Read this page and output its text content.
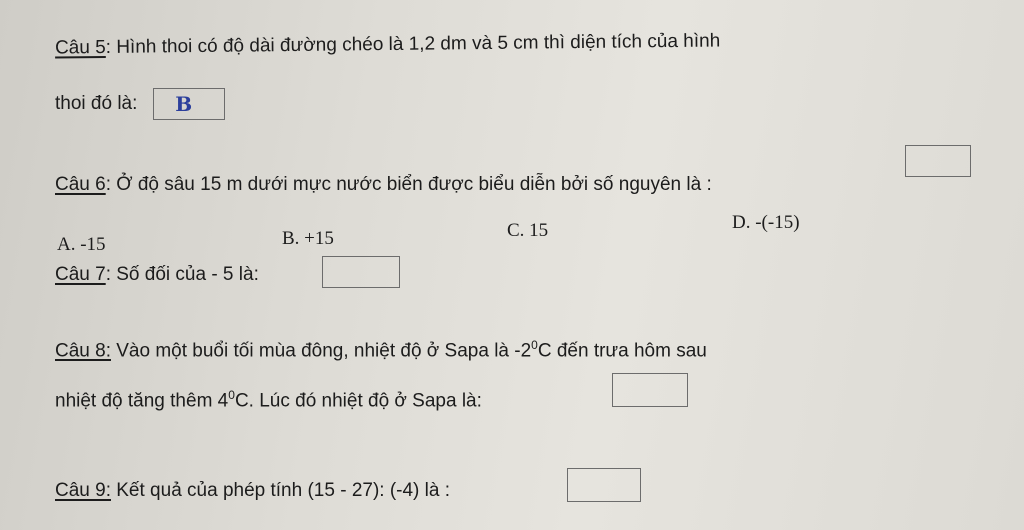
Câu 5: Hình thoi có độ dài đường chéo là 1,2 dm và 5 cm thì diện tích của hình
thoi đó là:	B
Câu 6: Ở độ sâu 15 m dưới mực nước biển được biểu diễn bởi số nguyên là :
A. -15	B. +15	C. 15	D. -(-15)
Câu 7: Số đối của - 5 là:
Câu 8: Vào một buổi tối mùa đông, nhiệt độ ở Sapa là $-2^0C$ đến trưa hôm sau
nhiệt độ tăng thêm $4^0C$. Lúc đó nhiệt độ ở Sapa là:
Câu 9: Kết quả của phép tính (15 - 27): (-4) là :
